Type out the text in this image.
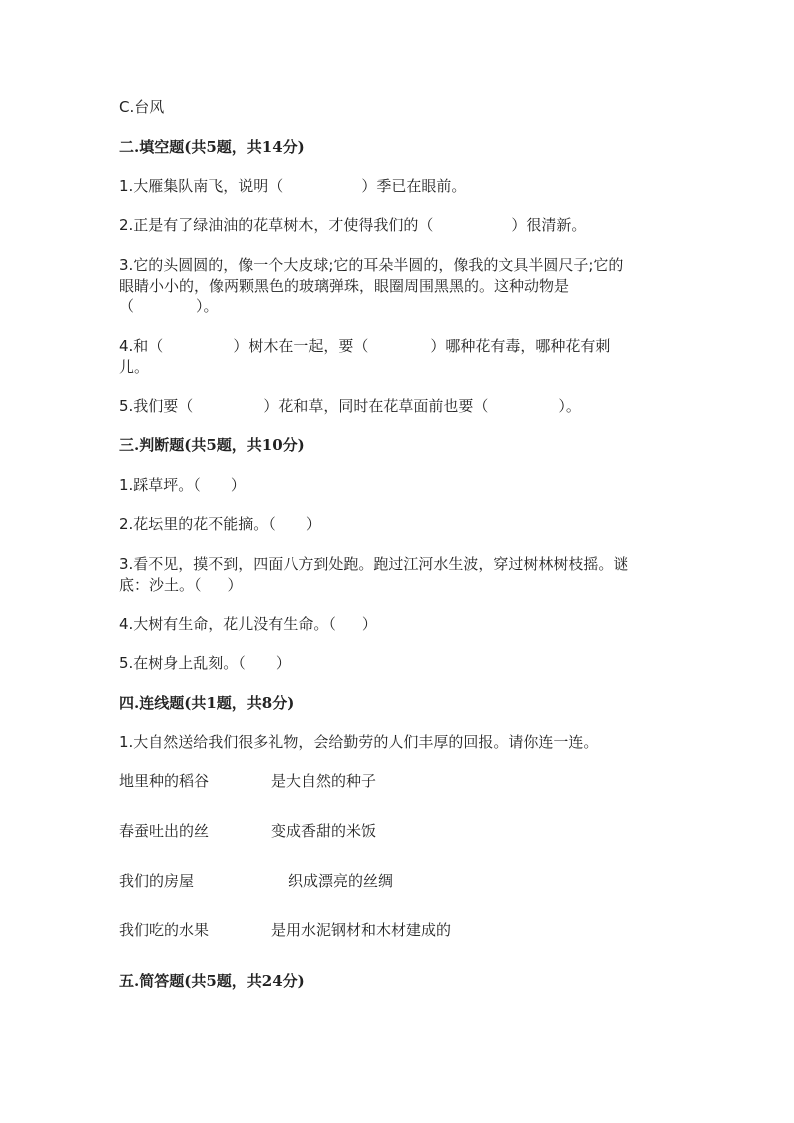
C.台风
二.填空题(共5题，共14分)
1.大雁集队南飞，说明（	）季已在眼前。
2.正是有了绿油油的花草树木，才使得我们的（	）很清新。
3.它的头圆圆的，像一个大皮球;它的耳朵半圆的，像我的文具半圆尺子;它的
眼睛小小的，像两颗黑色的玻璃弹珠，眼圈周围黑黑的。这种动物是
（	）。
4.和（	）树木在一起，要（	）哪种花有毒，哪种花有刺
儿。
5.我们要（	）花和草，同时在花草面前也要（	）。
三.判断题(共5题，共10分)
1.踩草坪。（ ）
2.花坛里的花不能摘。（ ）
3.看不见，摸不到，四面八方到处跑。跑过江河水生波，穿过树林树枝摇。谜
底：沙土。（ ）
4.大树有生命，花儿没有生命。（ ）
5.在树身上乱刻。（ ）
四.连线题(共1题，共8分)
1.大自然送给我们很多礼物，会给勤劳的人们丰厚的回报。请你连一连。
地里种的稻谷	是大自然的种子
春蚕吐出的丝	变成香甜的米饭
我们的房屋	织成漂亮的丝绸
我们吃的水果	是用水泥钢材和木材建成的
五.简答题(共5题，共24分)
